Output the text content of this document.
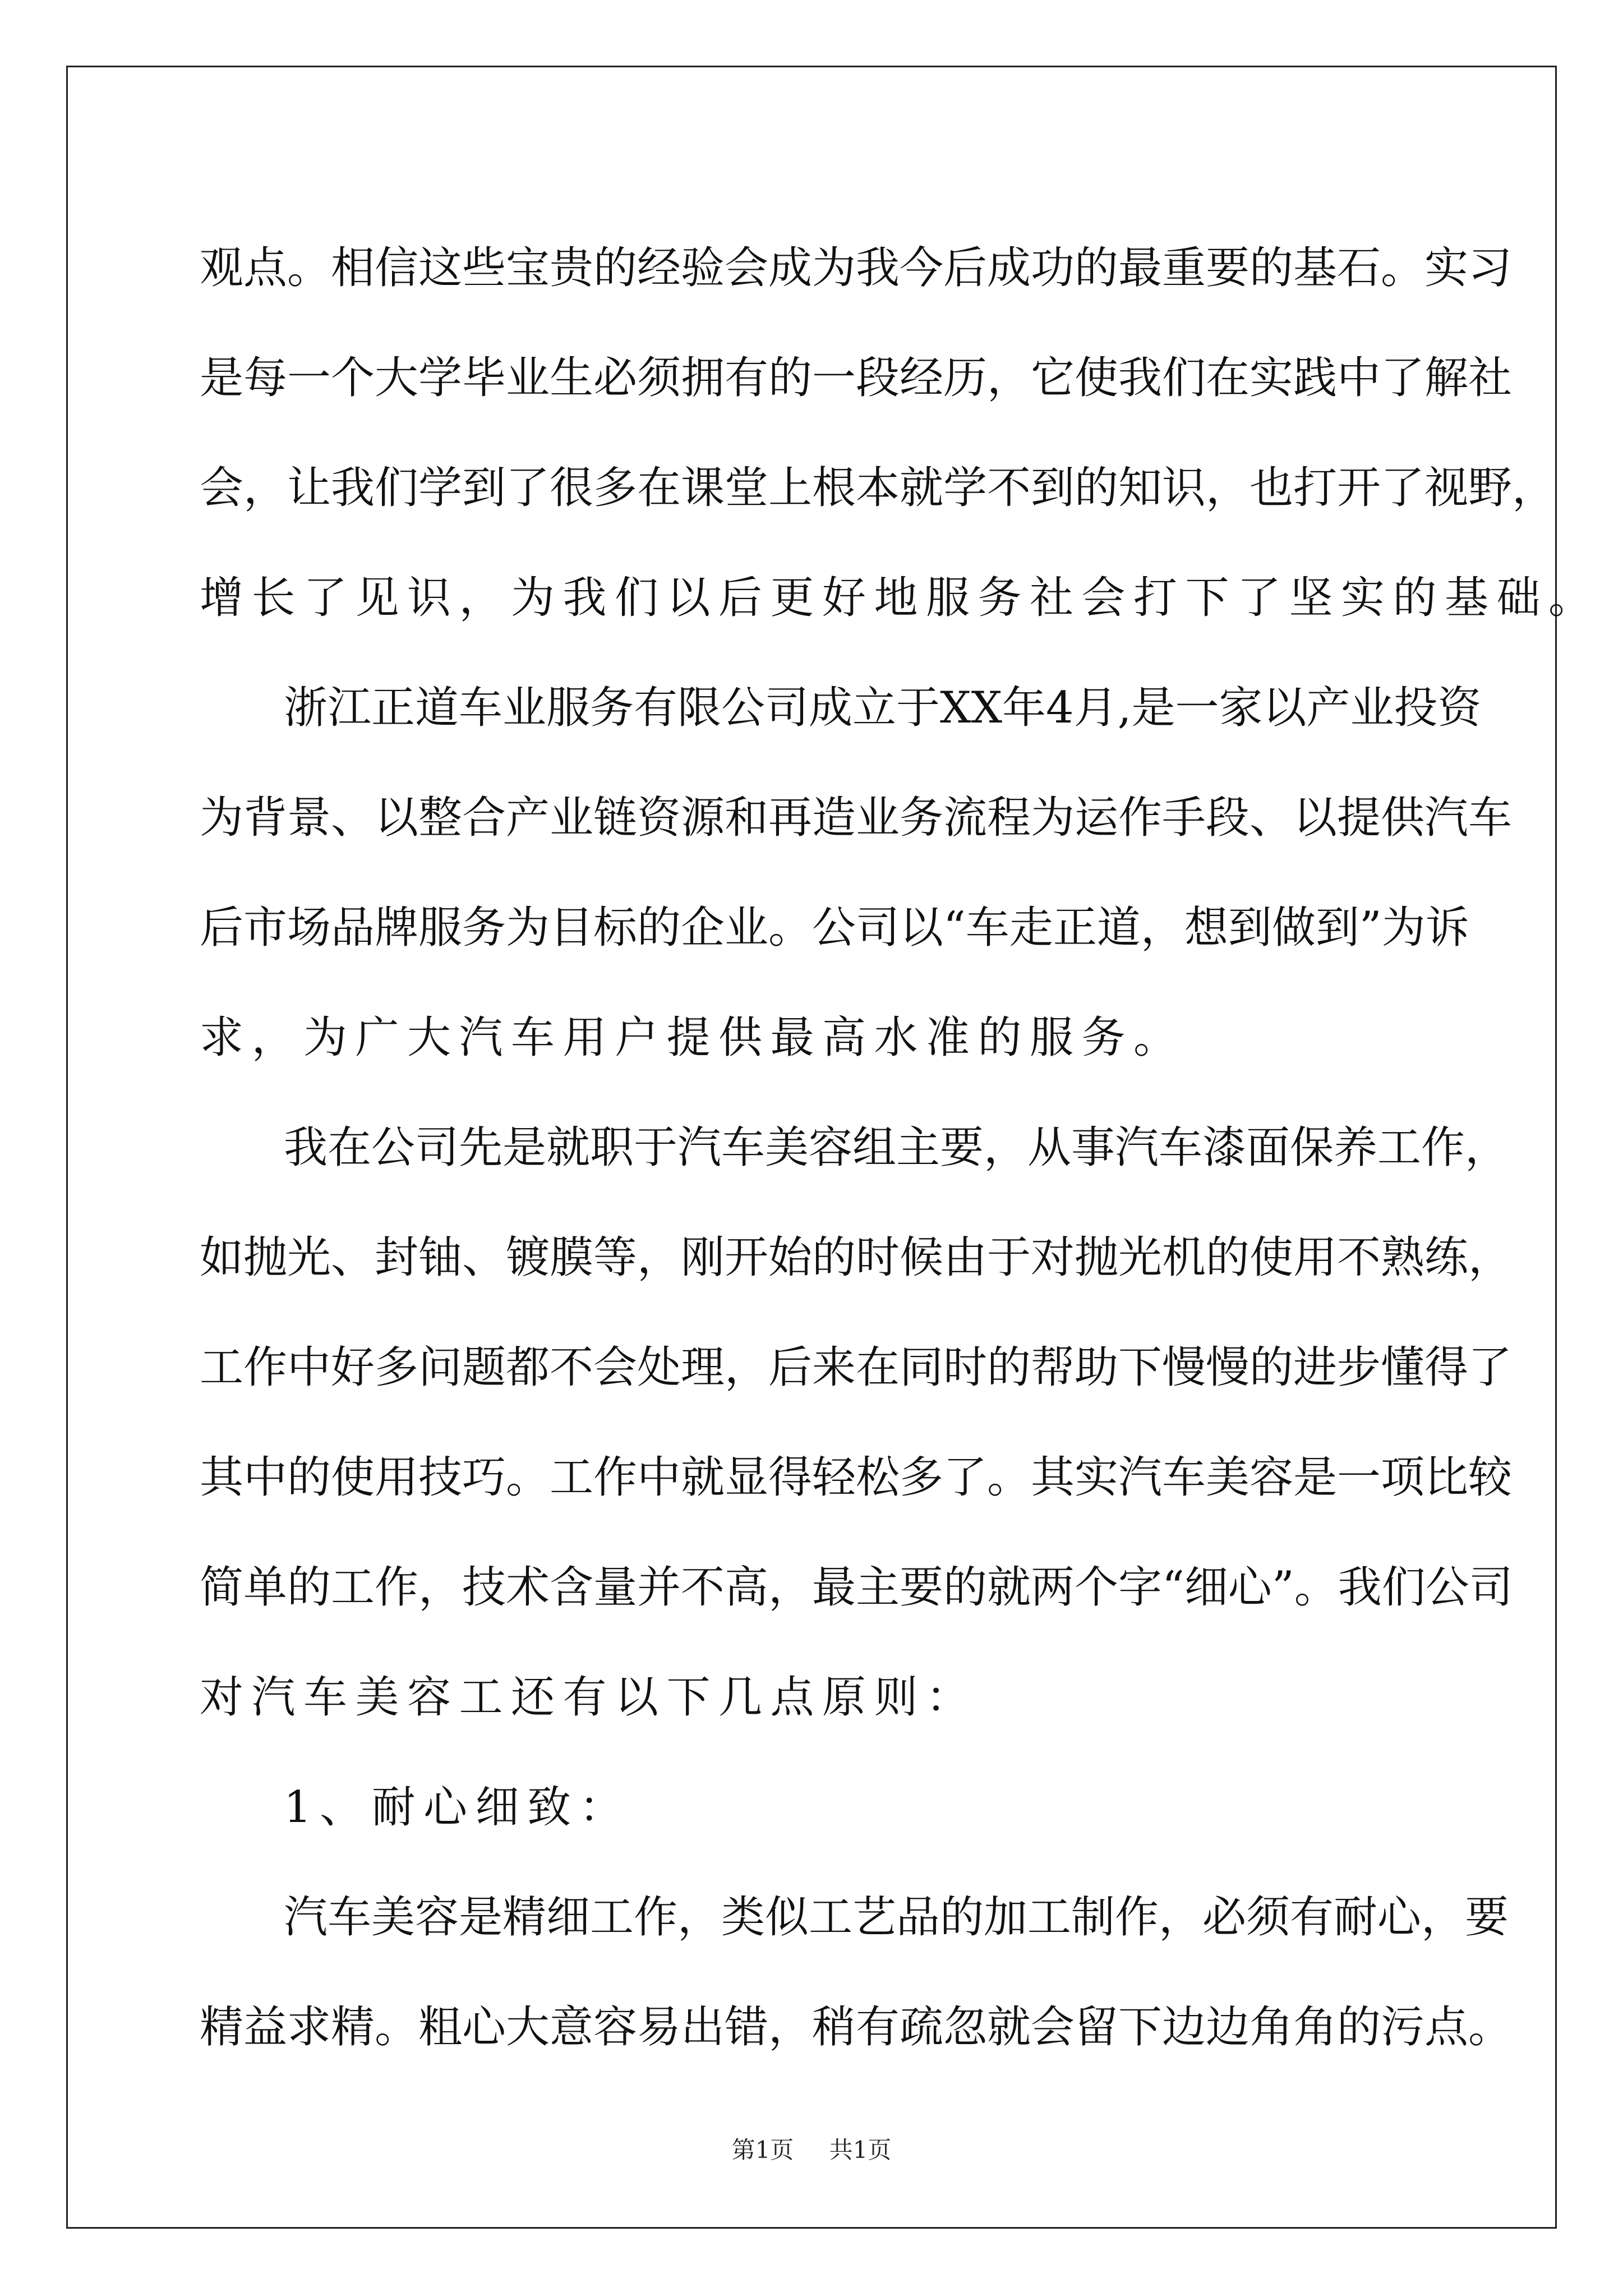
观点。相信这些宝贵的经验会成为我今后成功的最重要的基石。实习
是每一个大学毕业生必须拥有的一段经历，它使我们在实践中了解社
会，让我们学到了很多在课堂上根本就学不到的知识，也打开了视野，
增长了见识，为我们以后更好地服务社会打下了坚实的基础。
浙江正道车业服务有限公司成立于XX年4月,是一家以产业投资
为背景、以整合产业链资源和再造业务流程为运作手段、以提供汽车
后市场品牌服务为目标的企业。公司以“车走正道，想到做到”为诉
求，为广大汽车用户提供最高水准的服务。
我在公司先是就职于汽车美容组主要，从事汽车漆面保养工作，
如抛光、封铀、镀膜等，刚开始的时候由于对抛光机的使用不熟练，
工作中好多问题都不会处理，后来在同时的帮助下慢慢的进步懂得了
其中的使用技巧。工作中就显得轻松多了。其实汽车美容是一项比较
简单的工作，技术含量并不高，最主要的就两个字“细心”。我们公司
对汽车美容工还有以下几点原则：
1、耐心细致：
汽车美容是精细工作，类似工艺品的加工制作，必须有耐心，要
精益求精。粗心大意容易出错，稍有疏忽就会留下边边角角的污点。
第1页 共1页
